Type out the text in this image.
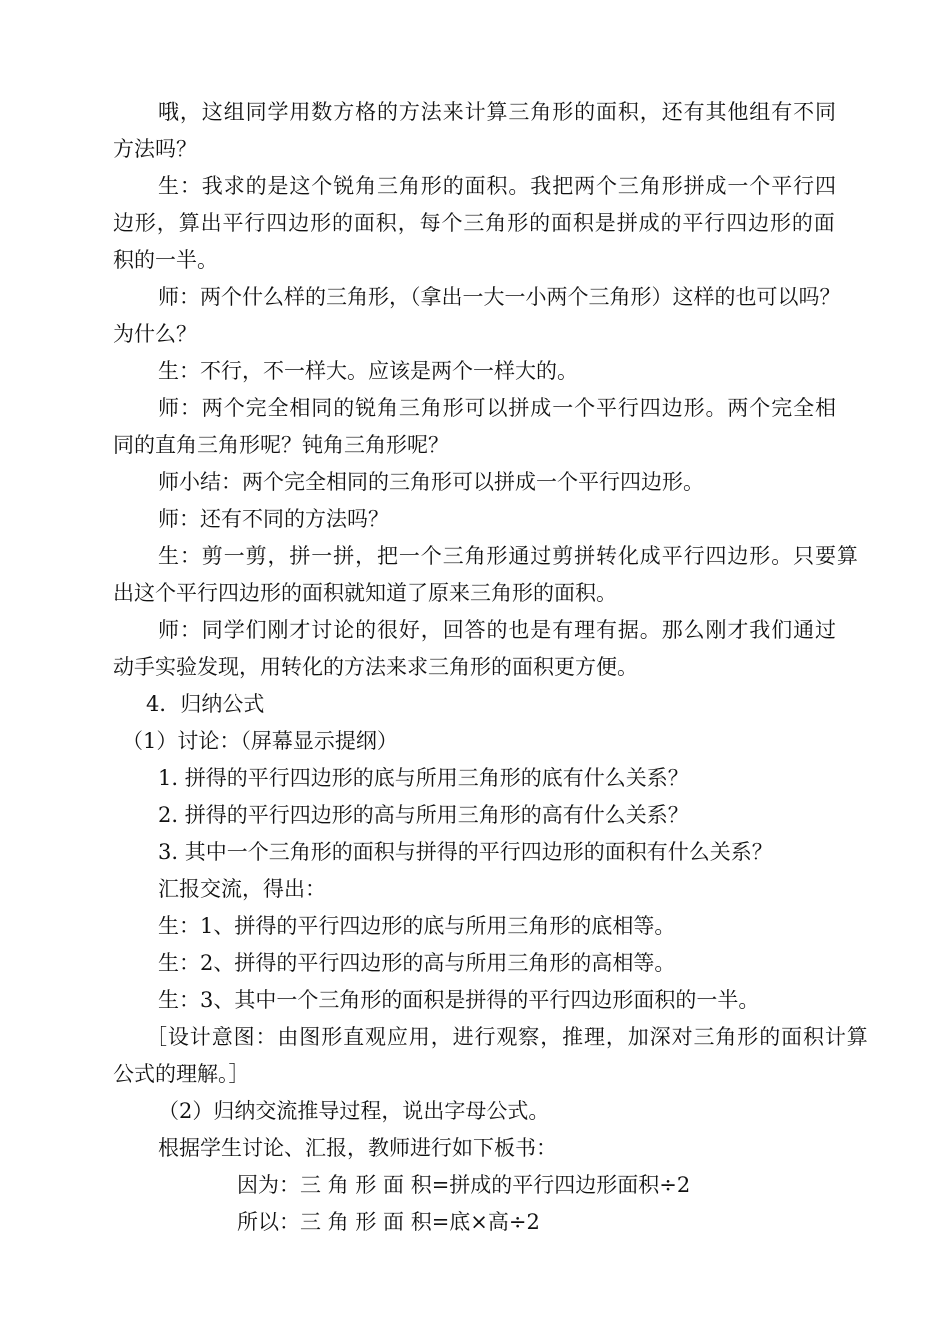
哦，这组同学用数方格的方法来计算三角形的面积，还有其他组有不同
方法吗？
生：我求的是这个锐角三角形的面积。我把两个三角形拼成一个平行四
边形，算出平行四边形的面积，每个三角形的面积是拼成的平行四边形的面
积的一半。
师：两个什么样的三角形，（拿出一大一小两个三角形）这样的也可以吗？
为什么？
生：不行，不一样大。应该是两个一样大的。
师：两个完全相同的锐角三角形可以拼成一个平行四边形。两个完全相
同的直角三角形呢？钝角三角形呢？
师小结：两个完全相同的三角形可以拼成一个平行四边形。
师：还有不同的方法吗？
生：剪一剪，拼一拼，把一个三角形通过剪拼转化成平行四边形。只要算
出这个平行四边形的面积就知道了原来三角形的面积。
师：同学们刚才讨论的很好，回答的也是有理有据。那么刚才我们通过
动手实验发现，用转化的方法来求三角形的面积更方便。
4．归纳公式
（1）讨论：（屏幕显示提纲）
1. 拼得的平行四边形的底与所用三角形的底有什么关系？
2. 拼得的平行四边形的高与所用三角形的高有什么关系？
3. 其中一个三角形的面积与拼得的平行四边形的面积有什么关系？
汇报交流，得出：
生：1、拼得的平行四边形的底与所用三角形的底相等。
生：2、拼得的平行四边形的高与所用三角形的高相等。
生：3、其中一个三角形的面积是拼得的平行四边形面积的一半。
［设计意图：由图形直观应用，进行观察，推理，加深对三角形的面积计算
公式的理解。］
（2）归纳交流推导过程，说出字母公式。
根据学生讨论、汇报，教师进行如下板书：
因为：三 角 形 面 积=拼成的平行四边形面积÷2
所以：三 角 形 面 积=底×高÷2
